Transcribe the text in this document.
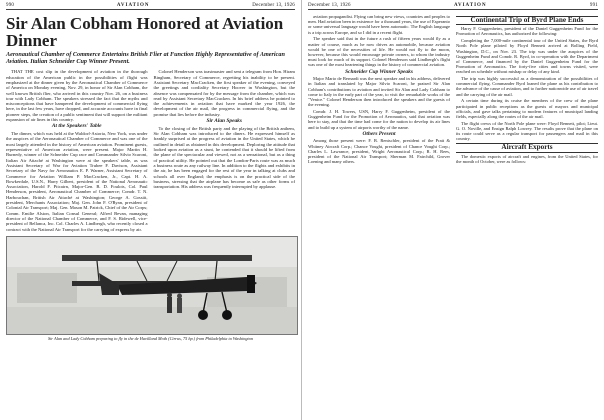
990	AVIATION	December 13, 1926
Sir Alan Cobham Honored at Aviation Dinner
Aeronautical Chamber of Commerce Entertains British Flier at Function Highly Representative of American Aviation. Italian Schneider Cup Winner Present.

THAT THE cost slip in the development of aviation in the thorough education of the American public in the possibilities of flight was emphasized at the dinner given by the Aeronautical Chamber of Commerce of America on Monday evening, Nov. 29, in honor of Sir Alan Cobham, the well known British flier, who arrived in this country Nov. 26, on a business tour with Lady Cobham. The speakers stressed the fact that the myths and misconceptions that have hampered the development of commercial flying here, in the last few years, have dropped, and accurate accounts have in final pioneer steps, the creation of a public sentiment that will support the militant expansion of air lines in this country.

At the Speakers' Table

The dinner, which was held at the Waldorf-Astoria, New York, was under the auspices of the Aeronautical Chamber of Commerce and was one of the most largely attended in the history of American aviation. Prominent guests, representative of American aviation, were present. Major Martin H. Burnedy, winner of the Schneider Cup race and Commander Silvio Scaroni, Italian Air Attaché at Washington were at the speakers' table, as was Assistant Secretary of War for Aviation Trubee F. Davison, Assistant Secretary of the Navy for Aeronautics E. P. Warner, Assistant Secretary of Commerce for Aviation William P. MacCracken, Jr., Capt. H. A. Bowkerdale, U.S.N., Harry Gilbert, president of the National Aeronautic Association, Harold F. Pitcairn, Major-Gen. B. D. Foulois, Col. Paul Henderson, president, Aeronautical Chamber of Commerce; Comdr. T. N. Harbouchan, British Air Attaché at Washington; George A. Gossiit, president, Merchants Association; Maj. Gen. John F. O'Ryan, president of Colonial Air Transport; Maj. Gen. Mason M. Patrick, Chief of the Air Corps; Comm. Emilie Alston, Italian Consul General; Alfred Bevan, managing director of the National Chamber of Commerce, and F. S. Ridewell, vice-president of Bellanca, Inc. Col. Charles A. Lindbergh, who recently closed a contract with the National Air Transport for the carrying of express by air.

Colonel Henderson was toastmaster and sent a telegram from Hon. Hiram Bingham, Secretary of Commerce, regretting his inability to be present. Assistant Secretary MacCracken, the first speaker of the evening, conveyed the greetings and cordiality Secretary Hoover in Washington, but the absence was compensated for by the message from the chamber, which was read by Assistant Secretary MacCracken. In his brief address he pointed to the achievements in aviation that have marked the year 1926, the development of the air mail, the progress in commercial flying, and the promise that lies before the industry.

Sir Alan Speaks

To the closing of the British party and the playing of the British anthem, Sir Alan Cobham was introduced to the diners. He expressed himself as frankly surprised at the progress of aviation in the United States, which he outlined in detail as obtained in this development. Deploring the attitude that looked upon aviation as a stunt, he contended that it should be lifted from the plane of the spectacular and viewed, not as a sensational, but as a thing of practical utility. He pointed out that the London-Paris route was as much a business route as any railway line. In addition to the flights and exhibits in the air, he has been engaged for the rest of the year in talking at clubs and schools all over England; the emphasis is on the practical side of the business, stressing that the airplane has become as safe as other forms of transportation. His address was frequently interrupted by applause.

Sir Alan and Lady Cobham preparing to fly in the de Havilland Moth (Cirrus, 75 hp.) from Philadelphia to Washington
December 13, 1926	AVIATION	991

aviation propagandist. Flying can bring new views, countries and peoples to men. Had aviation been in existence for a thousand years, the use of Esperanto or some universal language would have been automatic. The English language is a trip across Europe, and so I did in a recent flight.

The speaker said that in the future a rush of fifteen years would fly as a matter of course, much as he now drives an automobile, because aviation would be one of the necessities of life. He would not fly to the moon, however, because this would encourage private owners, to whom the industry must look for much of its support. Colonel Henderson said Lindbergh's flight was one of the most heartening things in the history of commercial aviation.

Schneider Cup Winner Speaks

Major Mario de Bernardi was the next speaker and in his address, delivered in Italian and translated by Major Silvio Scaroni, he praised Sir Alan Cobham's contributions to aviation and invited Sir Alan and Lady Cobham to come to Italy in the early part of the year, to visit the remarkable works of the "Venice." Colonel Henderson then introduced the speakers and the guests of the evening.

Comdr. J. H. Towers, USN, Harry F. Guggenheim, president of the Guggenheim Fund for the Promotion of Aeronautics, said that aviation was here to stay, and that the time had come for the nation to develop its air lines and to build up a system of airports worthy of the name.

Others Present

Among those present were: F. B. Rentschler, president of the Pratt & Whitney Aircraft Corp.; Chance Vought, president of Chance Vought Corp.; Charles L. Lawrance, president, Wright Aeronautical Corp.; R. H. Rees, president of the National Air Transport; Sherman M. Fairchild, Grover Loening and many others.

Continental Trip of Byrd Plane Ends

Harry F. Guggenheim, president of the Daniel Guggenheim Fund for the Promotion of Aeronautics, has authorized the following:

Completing the 7,000-mile continental tour of the United States, the Byrd North Pole plane piloted by Floyd Bennett arrived at Bolling Field, Washington, D.C., on Nov. 23. The trip was under the auspices of the Guggenheim Fund and Comdr. R. Byrd, in co-operation with the Department of Commerce, and financed by the Daniel Guggenheim Fund for the Promotion of Aeronautics. The forty-five cities and towns visited, were reached on schedule without mishap or delay of any kind.

The trip was highly successful as a demonstration of the possibilities of commercial flying. Commander Byrd loaned the plane as his contribution to the advance of the cause of aviation, and to further nationwide use of air travel and the carrying of the air mail.

A certain time during its cruise the members of the crew of the plane participated in public receptions as the guests of mayors and municipal officials, and gave talks pertaining to modern features of municipal landing fields, especially along the routes of the air mail.

The flight crews of the North Pole plane were: Floyd Bennett, pilot; Lieut. G. O. Noville, and Ensign Ralph Lowrey. The results prove that the plane on its route could serve as a regular transport for passengers and mail in this country.

Aircraft Exports

The domestic exports of aircraft and engines, from the United States, for the month of October, were as follows:
